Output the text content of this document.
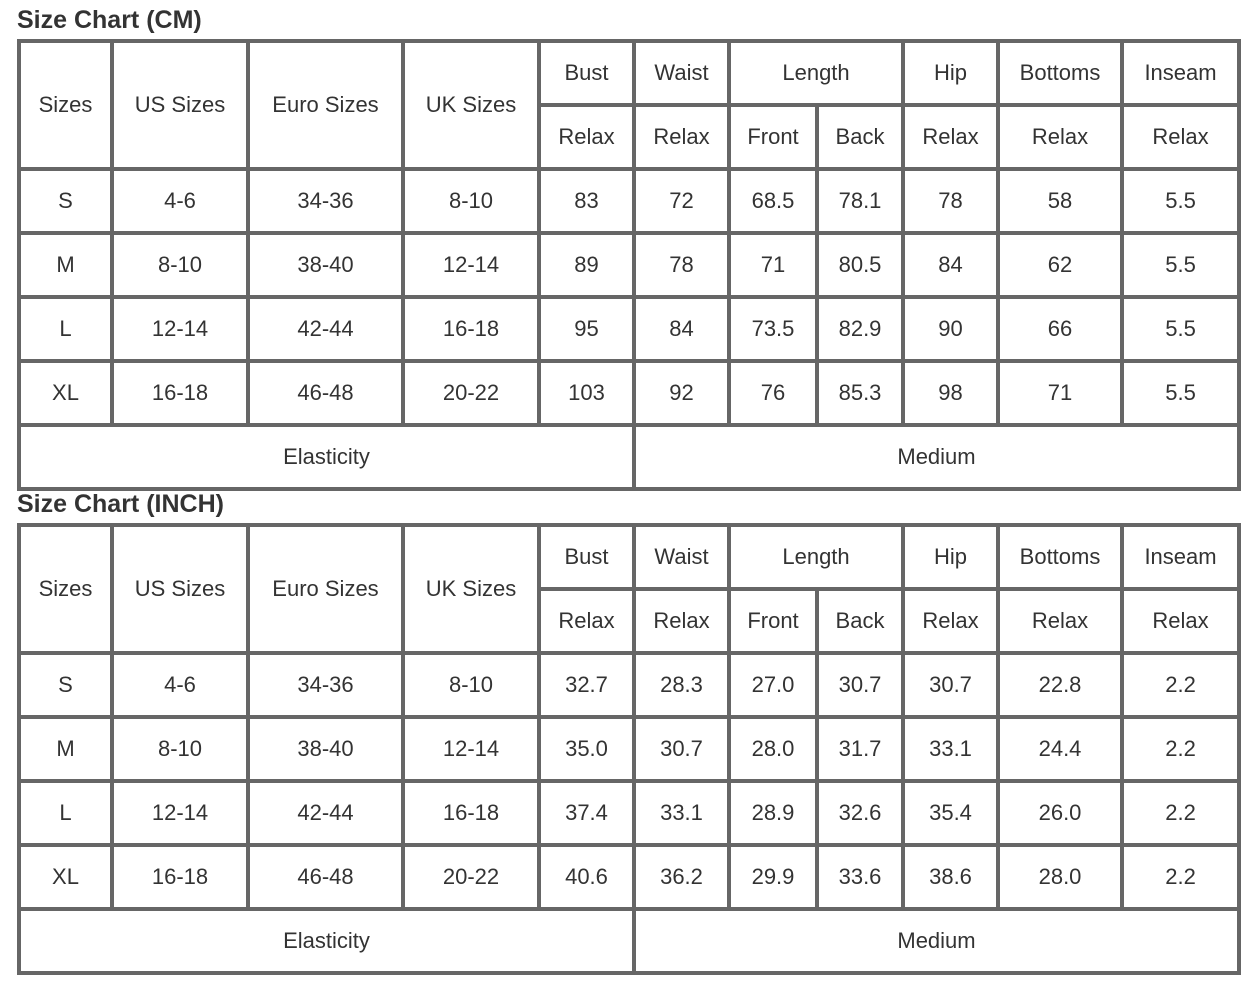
Size Chart (CM)
Sizes	US Sizes	Euro Sizes	UK Sizes	Bust	Waist	Length		Hip	Bottoms	Inseam
				Relax	Relax	Front	Back	Relax	Relax	Relax
S	4-6	34-36	8-10	83	72	68.5	78.1	78	58	5.5
M	8-10	38-40	12-14	89	78	71	80.5	84	62	5.5
L	12-14	42-44	16-18	95	84	73.5	82.9	90	66	5.5
XL	16-18	46-48	20-22	103	92	76	85.3	98	71	5.5
Elasticity					Medium					
Size Chart (INCH)
Sizes	US Sizes	Euro Sizes	UK Sizes	Bust	Waist	Length		Hip	Bottoms	Inseam
				Relax	Relax	Front	Back	Relax	Relax	Relax
S	4-6	34-36	8-10	32.7	28.3	27.0	30.7	30.7	22.8	2.2
M	8-10	38-40	12-14	35.0	30.7	28.0	31.7	33.1	24.4	2.2
L	12-14	42-44	16-18	37.4	33.1	28.9	32.6	35.4	26.0	2.2
XL	16-18	46-48	20-22	40.6	36.2	29.9	33.6	38.6	28.0	2.2
Elasticity					Medium					
